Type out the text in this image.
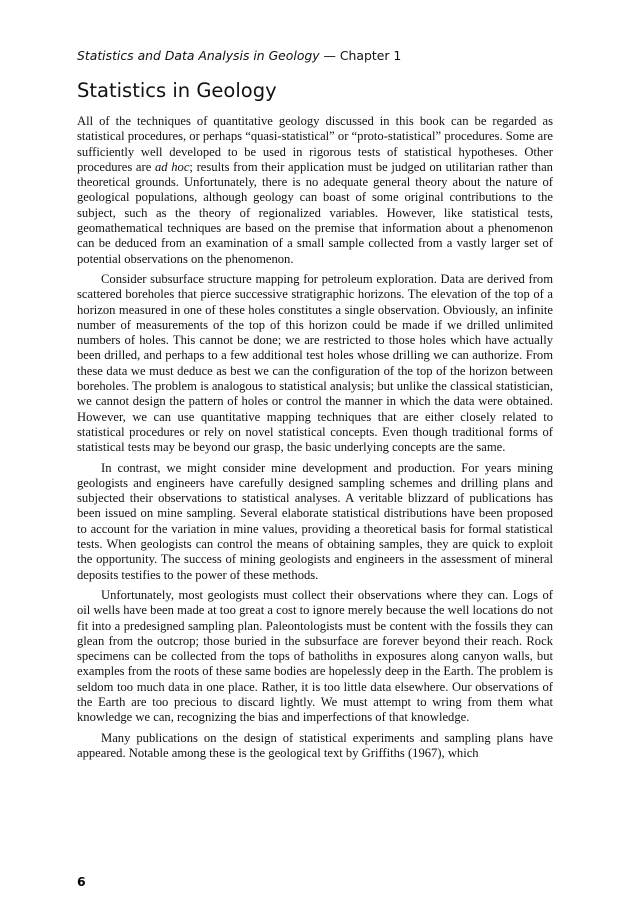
Statistics and Data Analysis in Geology — Chapter 1

Statistics in Geology

All of the techniques of quantitative geology discussed in this book can be regarded as statistical procedures, or perhaps “quasi-statistical” or “proto-statistical” procedures. Some are sufficiently well developed to be used in rigorous tests of statistical hypotheses. Other procedures are ad hoc; results from their application must be judged on utilitarian rather than theoretical grounds. Unfortunately, there is no adequate general theory about the nature of geological populations, although geology can boast of some original contributions to the subject, such as the theory of regionalized variables. However, like statistical tests, geomathematical techniques are based on the premise that information about a phenomenon can be deduced from an examination of a small sample collected from a vastly larger set of potential observations on the phenomenon.

Consider subsurface structure mapping for petroleum exploration. Data are derived from scattered boreholes that pierce successive stratigraphic horizons. The elevation of the top of a horizon measured in one of these holes constitutes a single observation. Obviously, an infinite number of measurements of the top of this horizon could be made if we drilled unlimited numbers of holes. This cannot be done; we are restricted to those holes which have actually been drilled, and perhaps to a few additional test holes whose drilling we can authorize. From these data we must deduce as best we can the configuration of the top of the horizon between boreholes. The problem is analogous to statistical analysis; but unlike the classical statistician, we cannot design the pattern of holes or control the manner in which the data were obtained. However, we can use quantitative mapping techniques that are either closely related to statistical procedures or rely on novel statistical concepts. Even though traditional forms of statistical tests may be beyond our grasp, the basic underlying concepts are the same.

In contrast, we might consider mine development and production. For years mining geologists and engineers have carefully designed sampling schemes and drilling plans and subjected their observations to statistical analyses. A veritable blizzard of publications has been issued on mine sampling. Several elaborate statistical distributions have been proposed to account for the variation in mine values, providing a theoretical basis for formal statistical tests. When geologists can control the means of obtaining samples, they are quick to exploit the opportunity. The success of mining geologists and engineers in the assessment of mineral deposits testifies to the power of these methods.

Unfortunately, most geologists must collect their observations where they can. Logs of oil wells have been made at too great a cost to ignore merely because the well locations do not fit into a predesigned sampling plan. Paleontologists must be content with the fossils they can glean from the outcrop; those buried in the subsurface are forever beyond their reach. Rock specimens can be collected from the tops of batholiths in exposures along canyon walls, but examples from the roots of these same bodies are hopelessly deep in the Earth. The problem is seldom too much data in one place. Rather, it is too little data elsewhere. Our observations of the Earth are too precious to discard lightly. We must attempt to wring from them what knowledge we can, recognizing the bias and imperfections of that knowledge.

Many publications on the design of statistical experiments and sampling plans have appeared. Notable among these is the geological text by Griffiths (1967), which

6
